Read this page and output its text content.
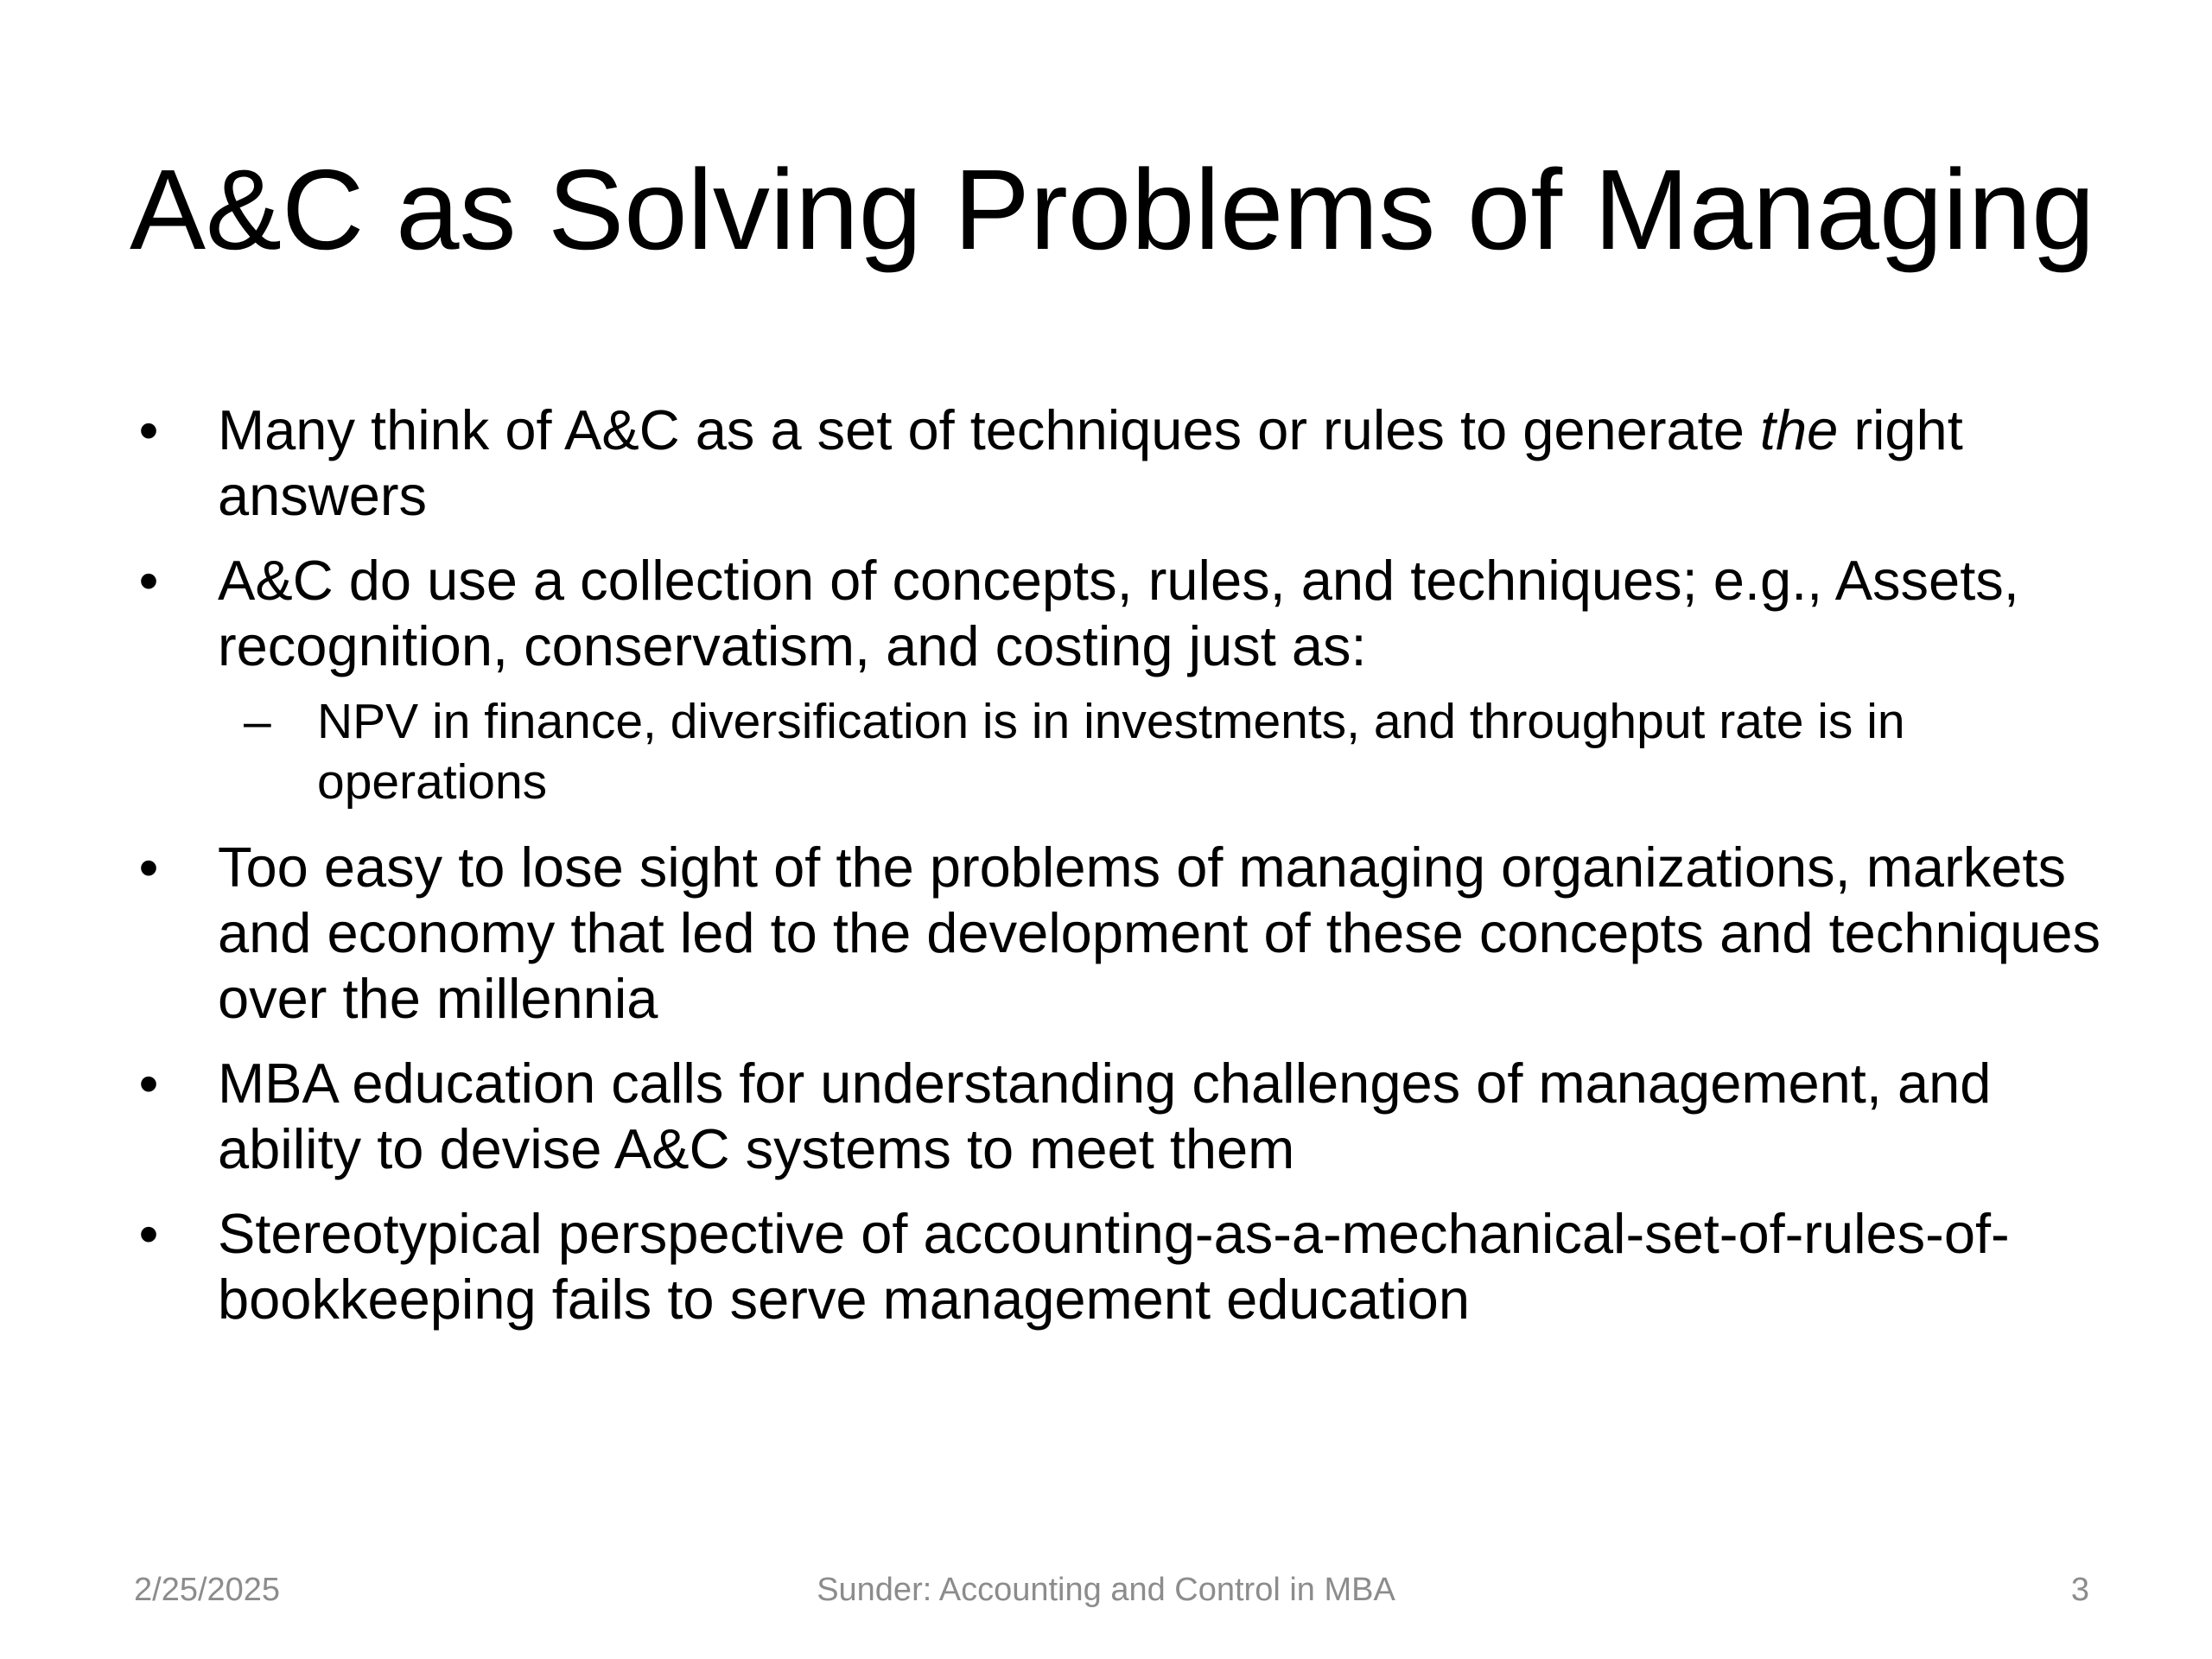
A&C as Solving Problems of Managing
• Many think of A&C as a set of techniques or rules to generate the right answers
• A&C do use a collection of concepts, rules, and techniques; e.g., Assets, recognition, conservatism, and costing just as:
– NPV in finance, diversification is in investments, and throughput rate is in operations
• Too easy to lose sight of the problems of managing organizations, markets and economy that led to the development of these concepts and techniques over the millennia
• MBA education calls for understanding challenges of management, and ability to devise A&C systems to meet them
• Stereotypical perspective of accounting-as-a-mechanical-set-of-rules-of-bookkeeping fails to serve management education
2/25/2025	Sunder: Accounting and Control in MBA	3
